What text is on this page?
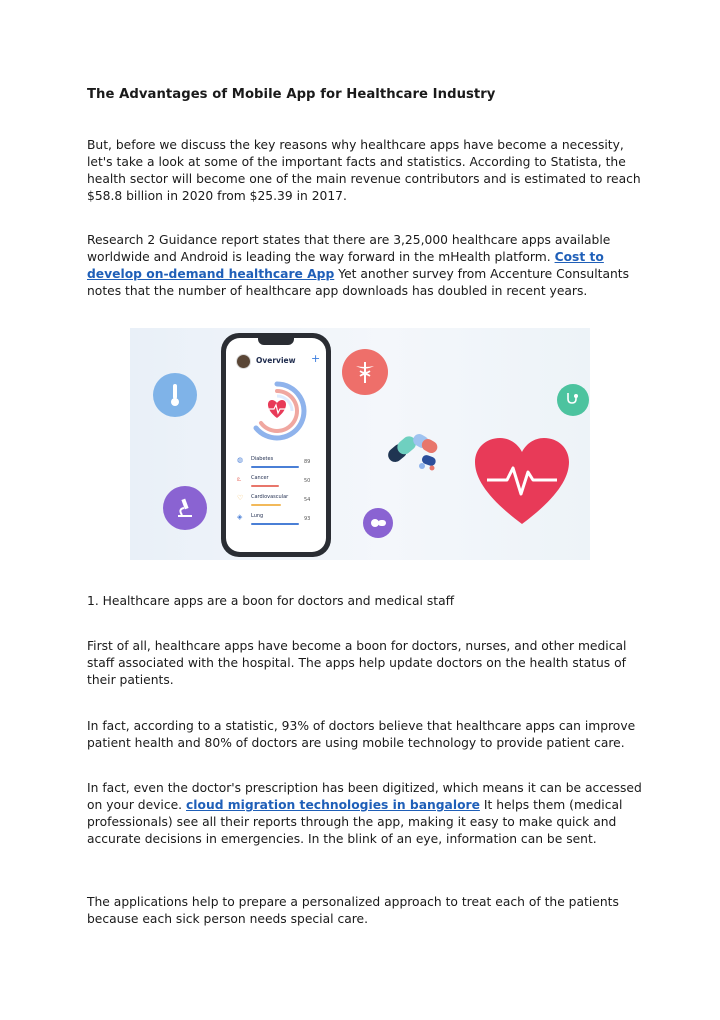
The Advantages of Mobile App for Healthcare Industry

But, before we discuss the key reasons why healthcare apps have become a necessity, let's take a look at some of the important facts and statistics. According to Statista, the health sector will become one of the main revenue contributors and is estimated to reach $58.8 billion in 2020 from $25.39 in 2017.

Research 2 Guidance report states that there are 3,25,000 healthcare apps available worldwide and Android is leading the way forward in the mHealth platform. Cost to develop on-demand healthcare App Yet another survey from Accenture Consultants notes that the number of healthcare app downloads has doubled in recent years.

Overview +
◍ Diabetes	89
ఽ Cancer	50
♡ Cardiovascular	54
◈ Lung	93

1. Healthcare apps are a boon for doctors and medical staff

First of all, healthcare apps have become a boon for doctors, nurses, and other medical staff associated with the hospital. The apps help update doctors on the health status of their patients.

In fact, according to a statistic, 93% of doctors believe that healthcare apps can improve patient health and 80% of doctors are using mobile technology to provide patient care.

In fact, even the doctor's prescription has been digitized, which means it can be accessed on your device. cloud migration technologies in bangalore It helps them (medical professionals) see all their reports through the app, making it easy to make quick and accurate decisions in emergencies. In the blink of an eye, information can be sent.

The applications help to prepare a personalized approach to treat each of the patients because each sick person needs special care.
